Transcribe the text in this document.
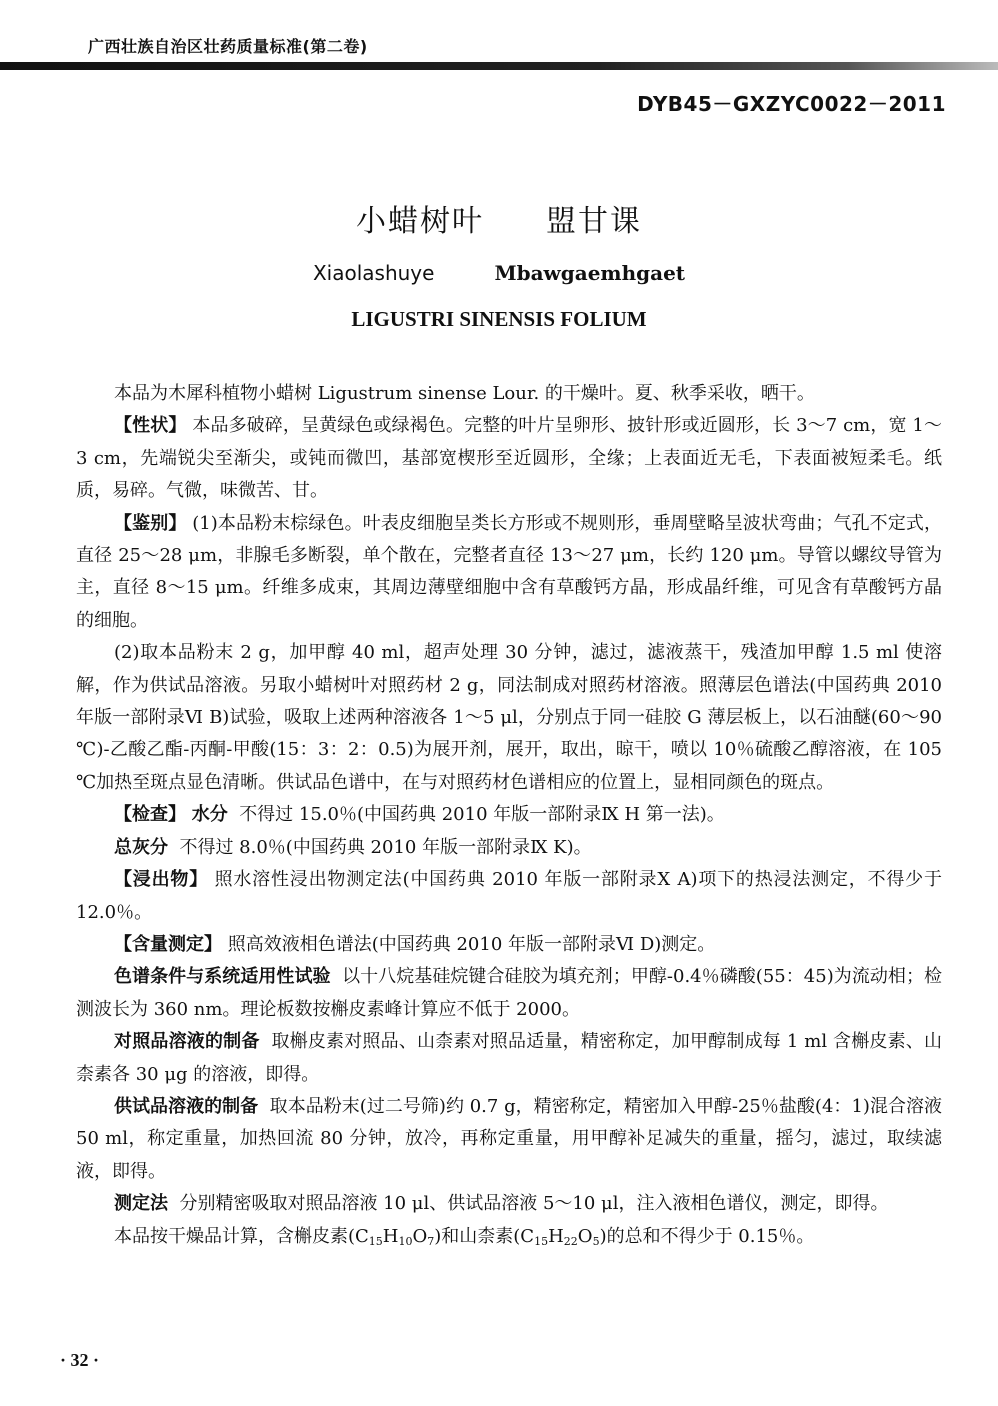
广西壮族自治区壮药质量标准(第二卷)
DYB45－GXZYC0022－2011
小蜡树叶 盟甘课
Xiaolashuye	Mbawgaemhgaet
LIGUSTRI SINENSIS FOLIUM

本品为木犀科植物小蜡树 Ligustrum sinense Lour. 的干燥叶。夏、秋季采收，晒干。

【性状】 本品多破碎，呈黄绿色或绿褐色。完整的叶片呈卵形、披针形或近圆形，长 3～7 cm，宽 1～3 cm，先端锐尖至渐尖，或钝而微凹，基部宽楔形至近圆形，全缘；上表面近无毛，下表面被短柔毛。纸质，易碎。气微，味微苦、甘。

【鉴别】 (1)本品粉末棕绿色。叶表皮细胞呈类长方形或不规则形，垂周壁略呈波状弯曲；气孔不定式，直径 25～28 μm，非腺毛多断裂，单个散在，完整者直径 13～27 μm，长约 120 μm。导管以螺纹导管为主，直径 8～15 μm。纤维多成束，其周边薄壁细胞中含有草酸钙方晶，形成晶纤维，可见含有草酸钙方晶的细胞。

(2)取本品粉末 2 g，加甲醇 40 ml，超声处理 30 分钟，滤过，滤液蒸干，残渣加甲醇 1.5 ml 使溶解，作为供试品溶液。另取小蜡树叶对照药材 2 g，同法制成对照药材溶液。照薄层色谱法(中国药典 2010 年版一部附录Ⅵ B)试验，吸取上述两种溶液各 1～5 μl，分别点于同一硅胶 G 薄层板上，以石油醚(60～90 ℃)-乙酸乙酯-丙酮-甲酸(15：3：2：0.5)为展开剂，展开，取出，晾干，喷以 10％硫酸乙醇溶液，在 105 ℃加热至斑点显色清晰。供试品色谱中，在与对照药材色谱相应的位置上，显相同颜色的斑点。

【检查】 水分 不得过 15.0％(中国药典 2010 年版一部附录Ⅸ H 第一法)。

总灰分 不得过 8.0％(中国药典 2010 年版一部附录Ⅸ K)。

【浸出物】 照水溶性浸出物测定法(中国药典 2010 年版一部附录Ⅹ A)项下的热浸法测定，不得少于 12.0％。

【含量测定】 照高效液相色谱法(中国药典 2010 年版一部附录Ⅵ D)测定。

色谱条件与系统适用性试验 以十八烷基硅烷键合硅胶为填充剂；甲醇-0.4％磷酸(55：45)为流动相；检测波长为 360 nm。理论板数按槲皮素峰计算应不低于 2000。

对照品溶液的制备 取槲皮素对照品、山柰素对照品适量，精密称定，加甲醇制成每 1 ml 含槲皮素、山柰素各 30 μg 的溶液，即得。

供试品溶液的制备 取本品粉末(过二号筛)约 0.7 g，精密称定，精密加入甲醇-25％盐酸(4：1)混合溶液 50 ml，称定重量，加热回流 80 分钟，放冷，再称定重量，用甲醇补足减失的重量，摇匀，滤过，取续滤液，即得。

测定法 分别精密吸取对照品溶液 10 μl、供试品溶液 5～10 μl，注入液相色谱仪，测定，即得。

本品按干燥品计算，含槲皮素$(C_{15}H_{10}O_7)$和山柰素$(C_{15}H_{22}O_5)$的总和不得少于 0.15％。

· 32 ·
